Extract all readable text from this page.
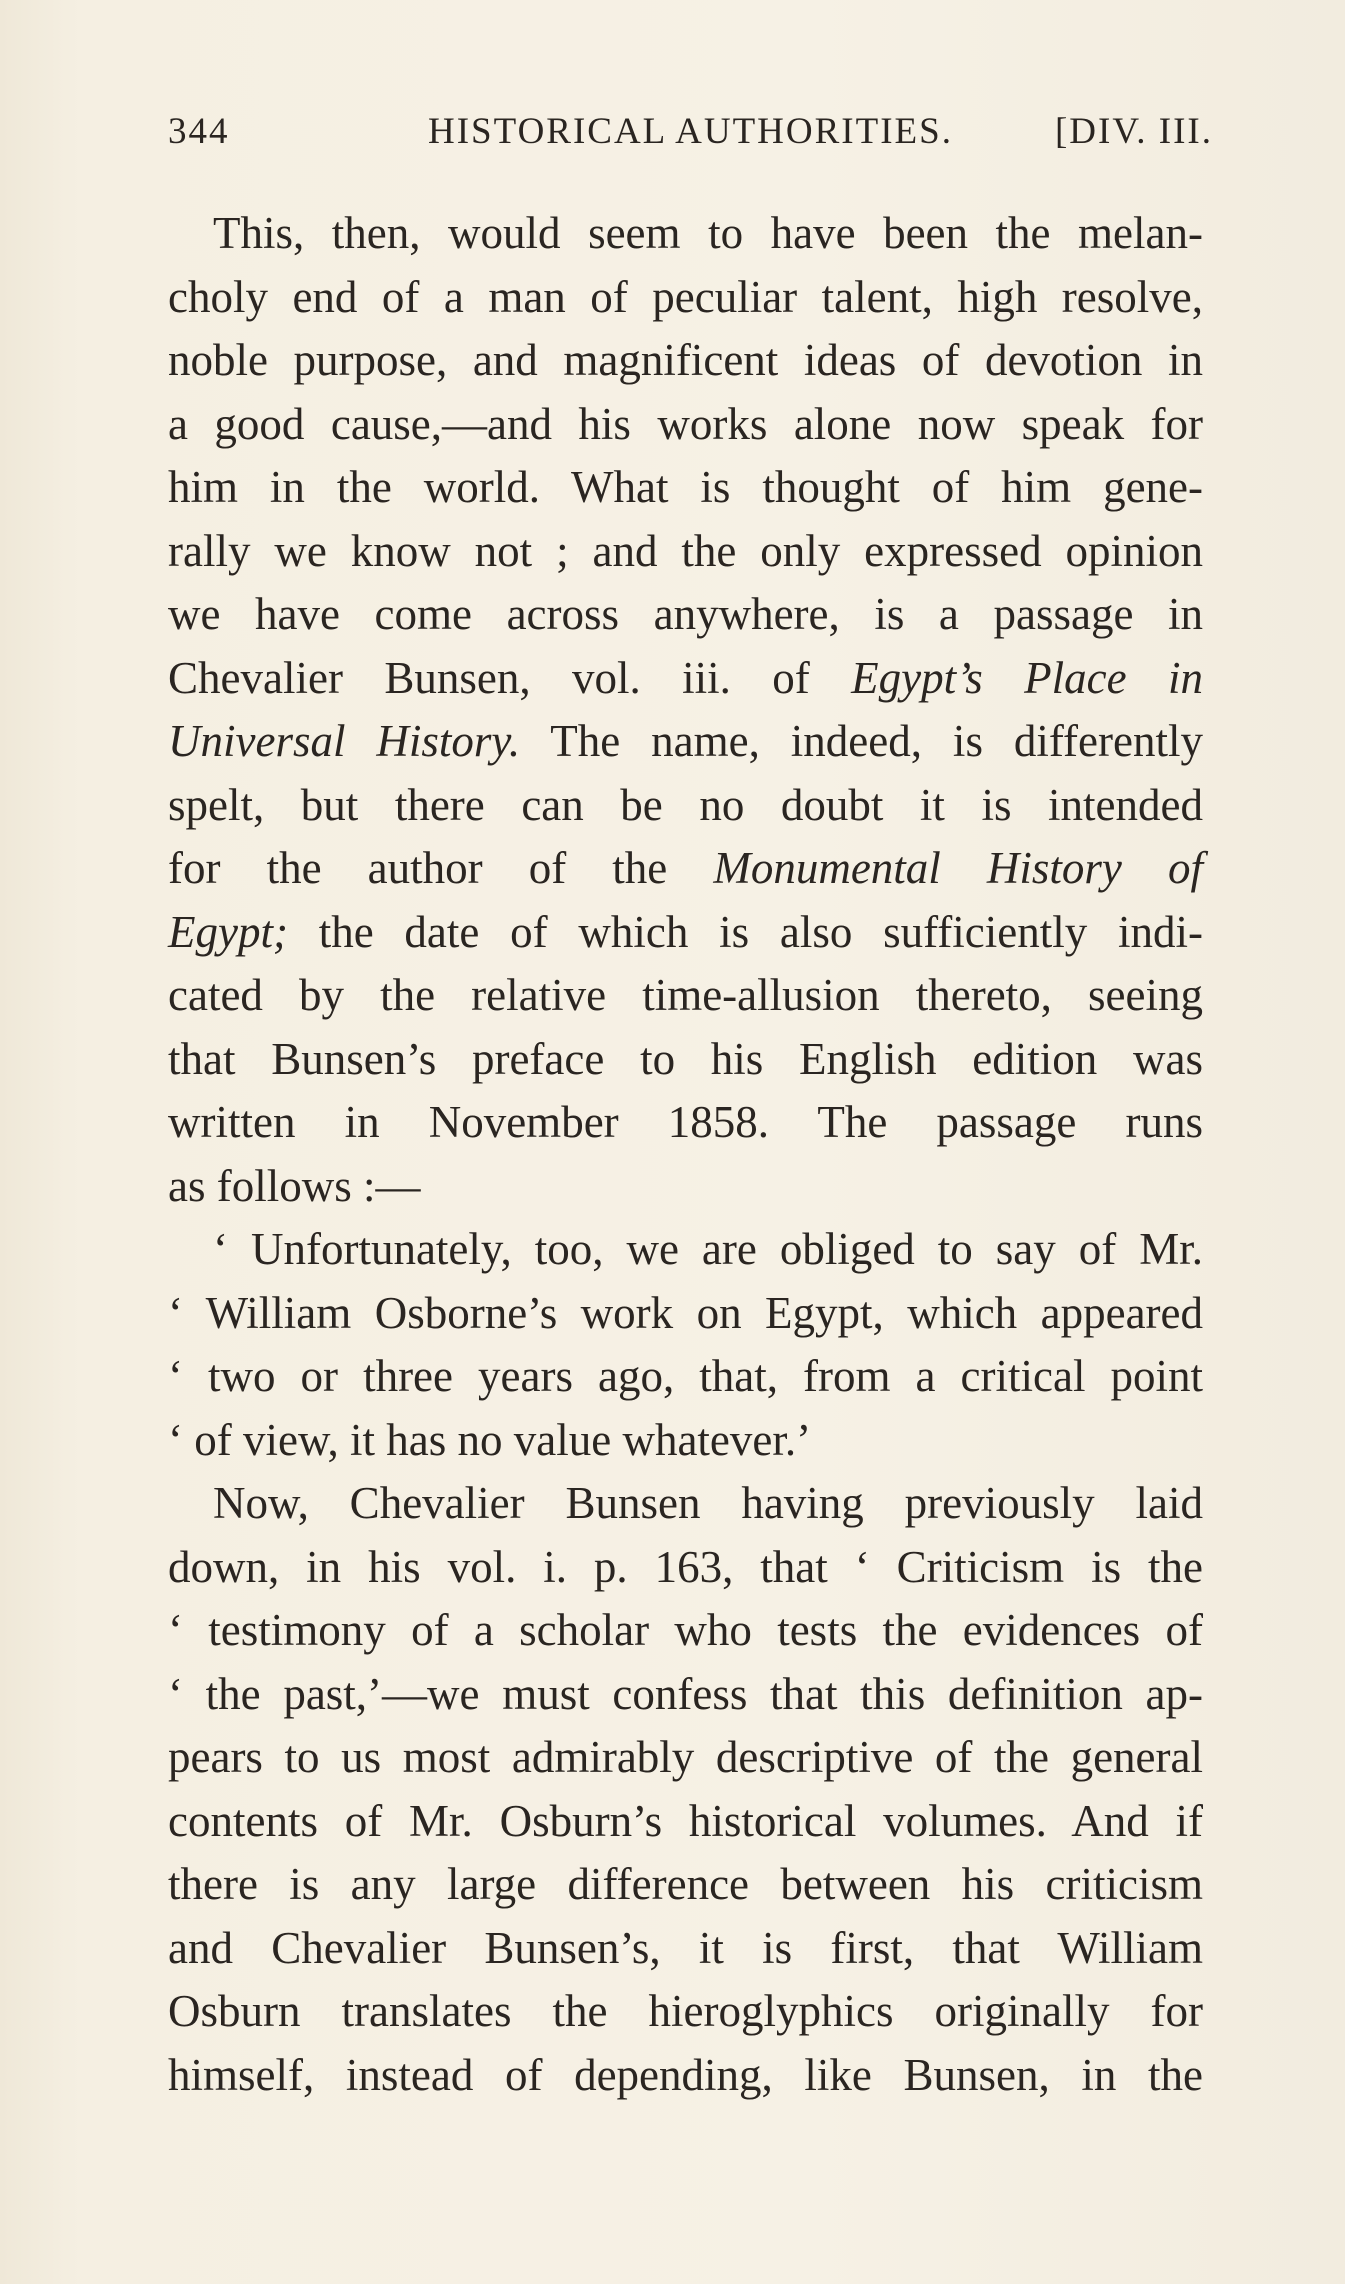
344	HISTORICAL AUTHORITIES.	[DIV. III.
This, then, would seem to have been the melan-
choly end of a man of peculiar talent, high resolve,
noble purpose, and magnificent ideas of devotion in
a good cause,—and his works alone now speak for
him in the world. What is thought of him gene-
rally we know not ; and the only expressed opinion
we have come across anywhere, is a passage in
Chevalier Bunsen, vol. iii. of Egypt’s Place in
Universal History. The name, indeed, is differently
spelt, but there can be no doubt it is intended
for the author of the Monumental History of
Egypt; the date of which is also sufficiently indi-
cated by the relative time-allusion thereto, seeing
that Bunsen’s preface to his English edition was
written in November 1858. The passage runs
as follows :—
‘ Unfortunately, too, we are obliged to say of Mr.
‘ William Osborne’s work on Egypt, which appeared
‘ two or three years ago, that, from a critical point
‘ of view, it has no value whatever.’
Now, Chevalier Bunsen having previously laid
down, in his vol. i. p. 163, that ‘ Criticism is the
‘ testimony of a scholar who tests the evidences of
‘ the past,’—we must confess that this definition ap-
pears to us most admirably descriptive of the general
contents of Mr. Osburn’s historical volumes. And if
there is any large difference between his criticism
and Chevalier Bunsen’s, it is first, that William
Osburn translates the hieroglyphics originally for
himself, instead of depending, like Bunsen, in the
